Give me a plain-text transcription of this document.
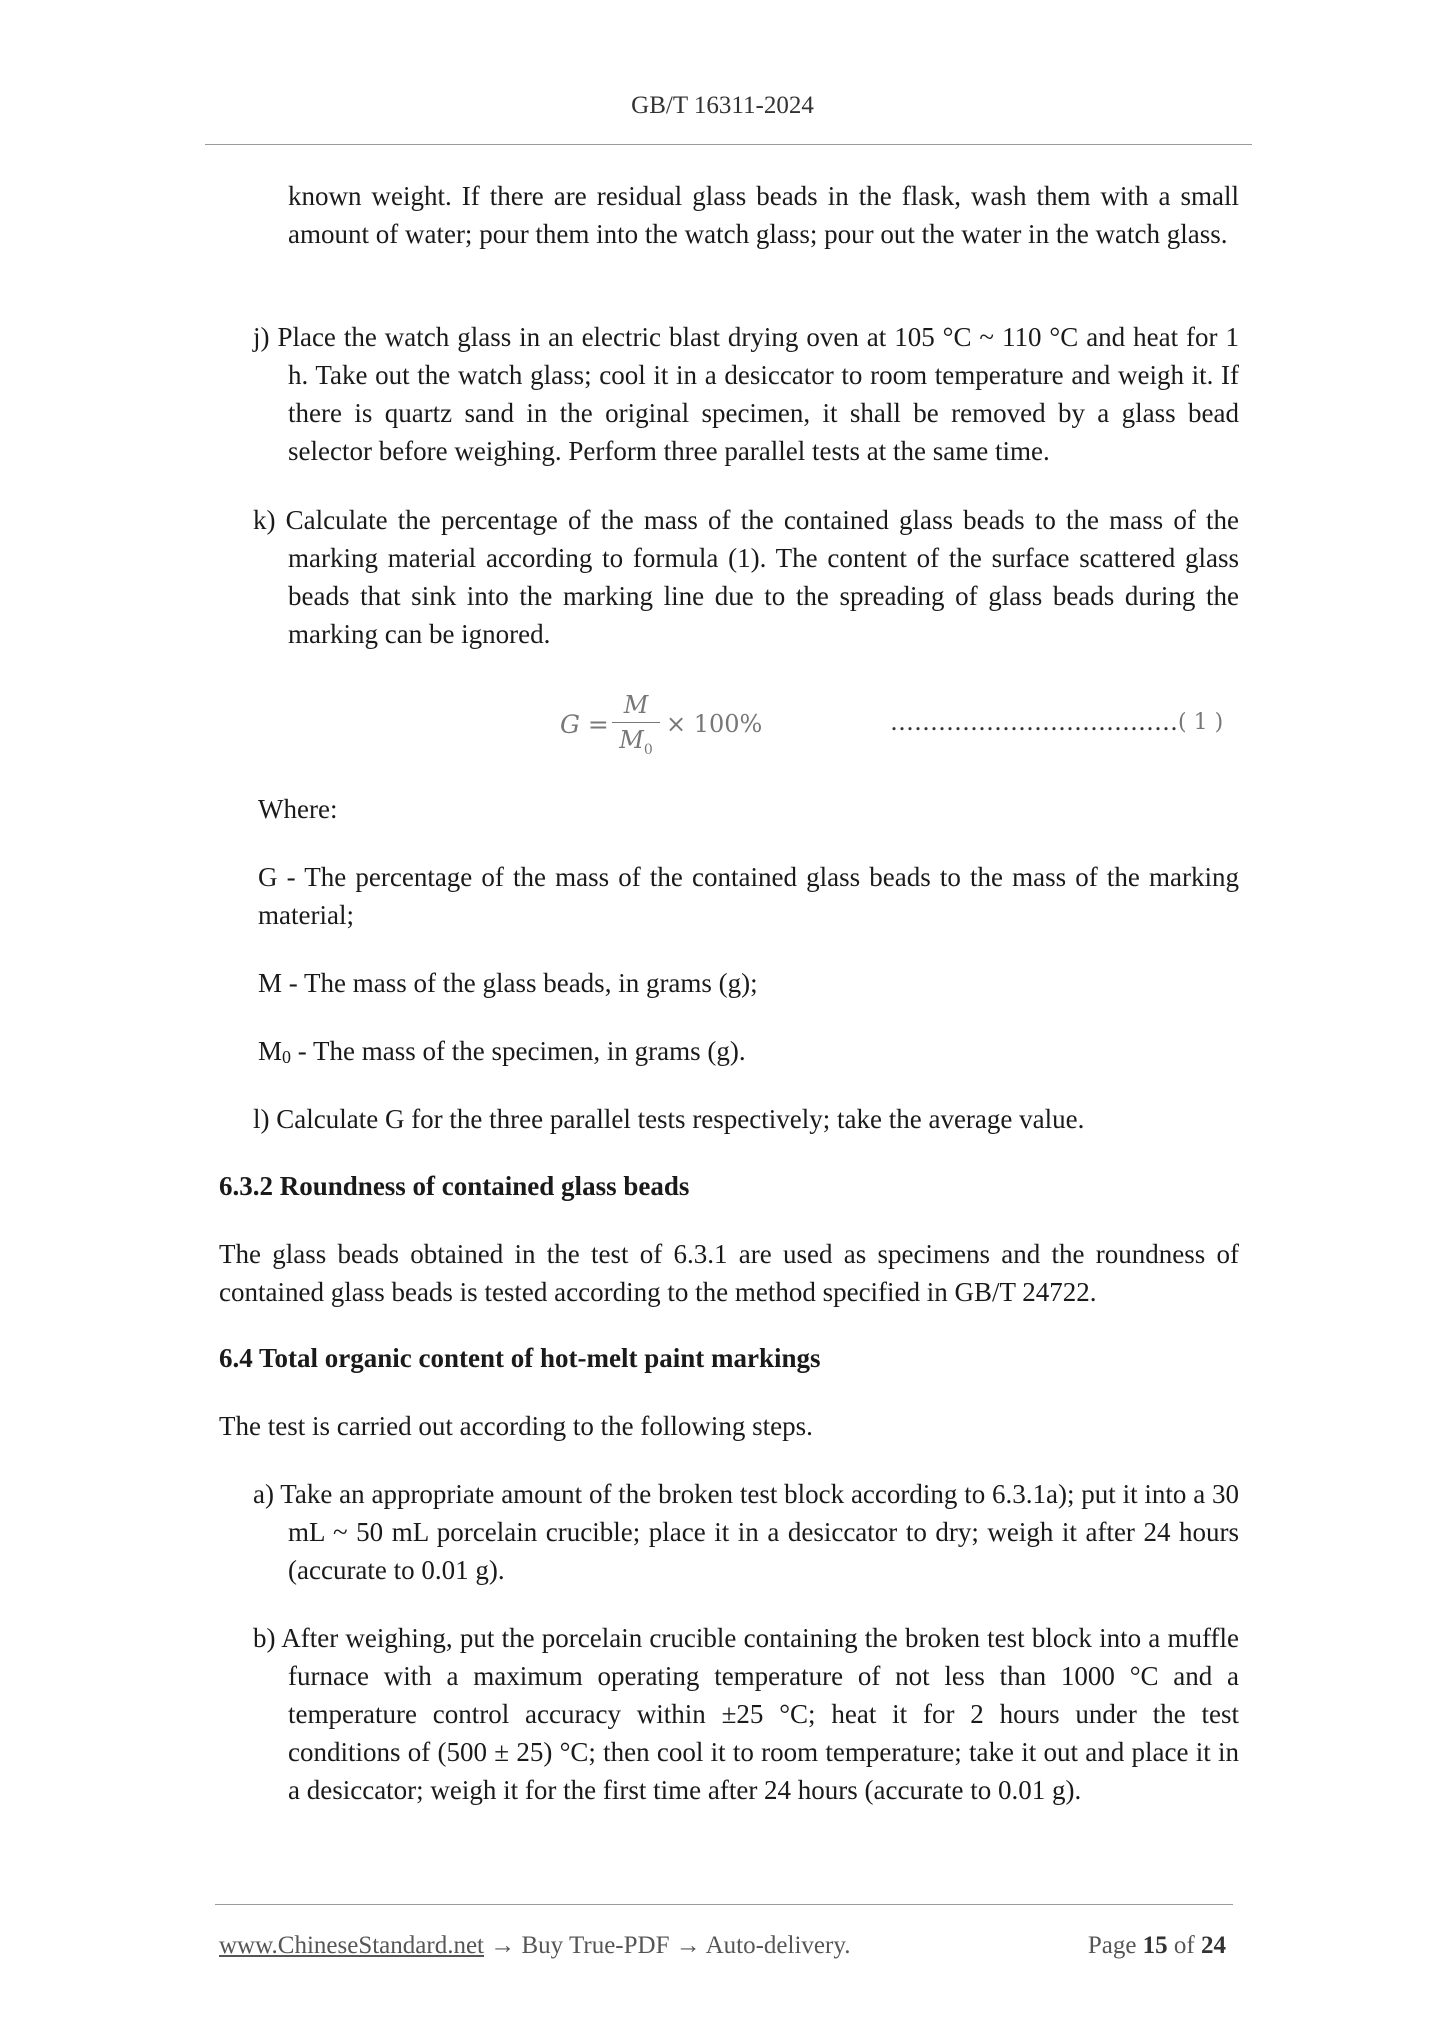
GB/T 16311-2024

known weight. If there are residual glass beads in the flask, wash them with a small amount of water; pour them into the watch glass; pour out the water in the watch glass.

j) Place the watch glass in an electric blast drying oven at 105 °C ~ 110 °C and heat for 1 h. Take out the watch glass; cool it in a desiccator to room temperature and weigh it. If there is quartz sand in the original specimen, it shall be removed by a glass bead selector before weighing. Perform three parallel tests at the same time.

k) Calculate the percentage of the mass of the contained glass beads to the mass of the marking material according to formula (1). The content of the surface scattered glass beads that sink into the marking line due to the spreading of glass beads during the marking can be ignored.

G =
M
$M_0$
× 100%	……………………………… ( 1 )

Where:

G - The percentage of the mass of the contained glass beads to the mass of the marking material;

M - The mass of the glass beads, in grams (g);

M0 - The mass of the specimen, in grams (g).

l) Calculate G for the three parallel tests respectively; take the average value.

6.3.2 Roundness of contained glass beads

The glass beads obtained in the test of 6.3.1 are used as specimens and the roundness of contained glass beads is tested according to the method specified in GB/T 24722.

6.4 Total organic content of hot-melt paint markings

The test is carried out according to the following steps.

a) Take an appropriate amount of the broken test block according to 6.3.1a); put it into a 30 mL ~ 50 mL porcelain crucible; place it in a desiccator to dry; weigh it after 24 hours (accurate to 0.01 g).

b) After weighing, put the porcelain crucible containing the broken test block into a muffle furnace with a maximum operating temperature of not less than 1000 °C and a temperature control accuracy within ±25 °C; heat it for 2 hours under the test conditions of (500 ± 25) °C; then cool it to room temperature; take it out and place it in a desiccator; weigh it for the first time after 24 hours (accurate to 0.01 g).

www.ChineseStandard.net → Buy True-PDF → Auto-delivery.	Page 15 of 24
